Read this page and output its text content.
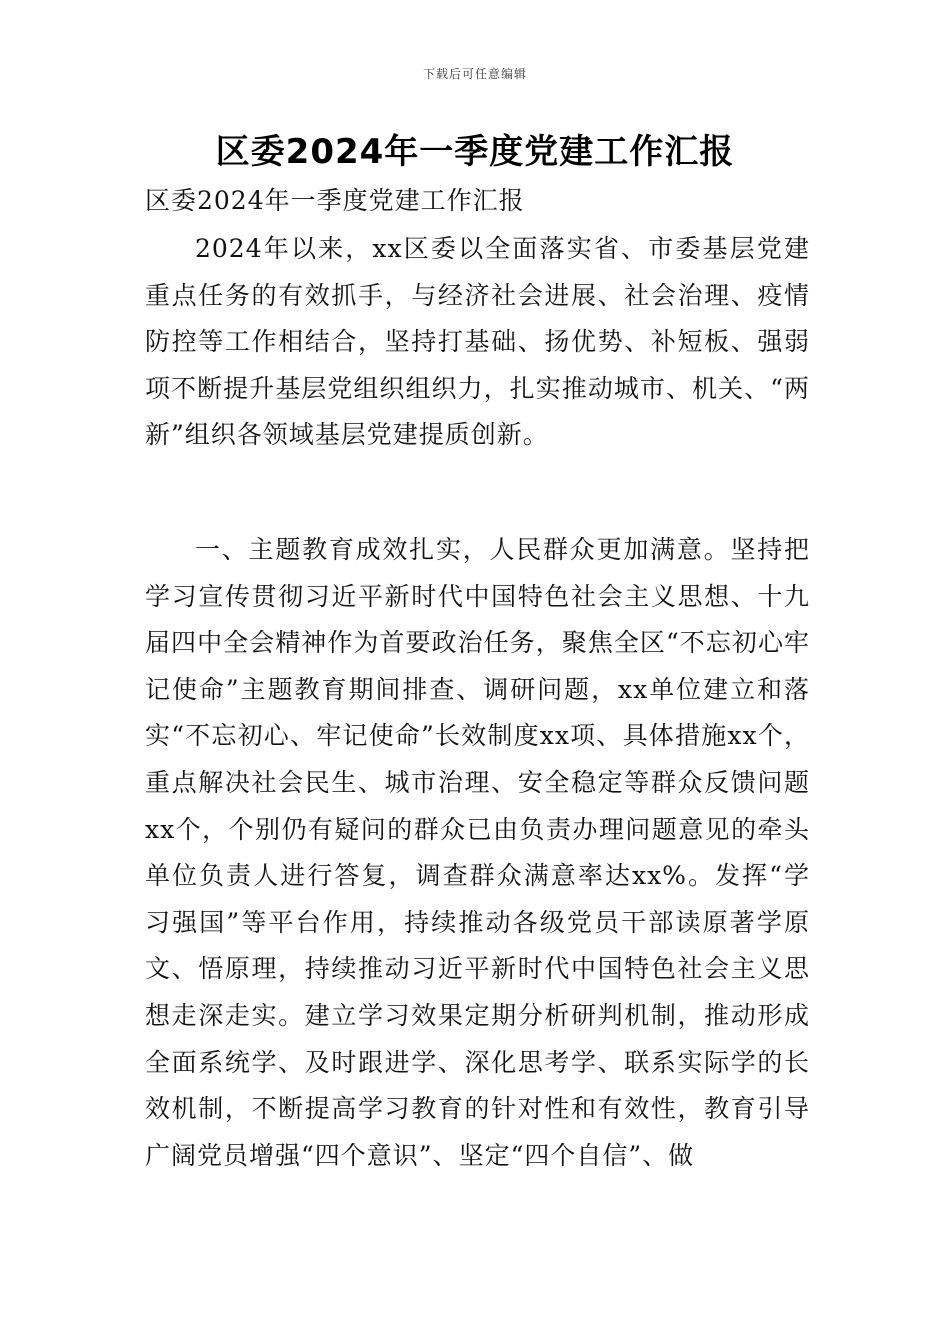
下载后可任意编辑
区委2024年一季度党建工作汇报

区委2024年一季度党建工作汇报

2024年以来，xx区委以全面落实省、市委基层党建重点任务的有效抓手，与经济社会进展、社会治理、疫情防控等工作相结合，坚持打基础、扬优势、补短板、强弱项不断提升基层党组织组织力，扎实推动城市、机关、“两新”组织各领域基层党建提质创新。

一、主题教育成效扎实，人民群众更加满意。坚持把学习宣传贯彻习近平新时代中国特色社会主义思想、十九届四中全会精神作为首要政治任务，聚焦全区“不忘初心牢记使命”主题教育期间排查、调研问题，xx单位建立和落实“不忘初心、牢记使命”长效制度xx项、具体措施xx个，重点解决社会民生、城市治理、安全稳定等群众反馈问题xx个，个别仍有疑问的群众已由负责办理问题意见的牵头单位负责人进行答复，调查群众满意率达xx%。发挥“学习强国”等平台作用，持续推动各级党员干部读原著学原文、悟原理，持续推动习近平新时代中国特色社会主义思想走深走实。建立学习效果定期分析研判机制，推动形成全面系统学、及时跟进学、深化思考学、联系实际学的长效机制，不断提高学习教育的针对性和有效性，教育引导广阔党员增强“四个意识”、坚定“四个自信”、做
